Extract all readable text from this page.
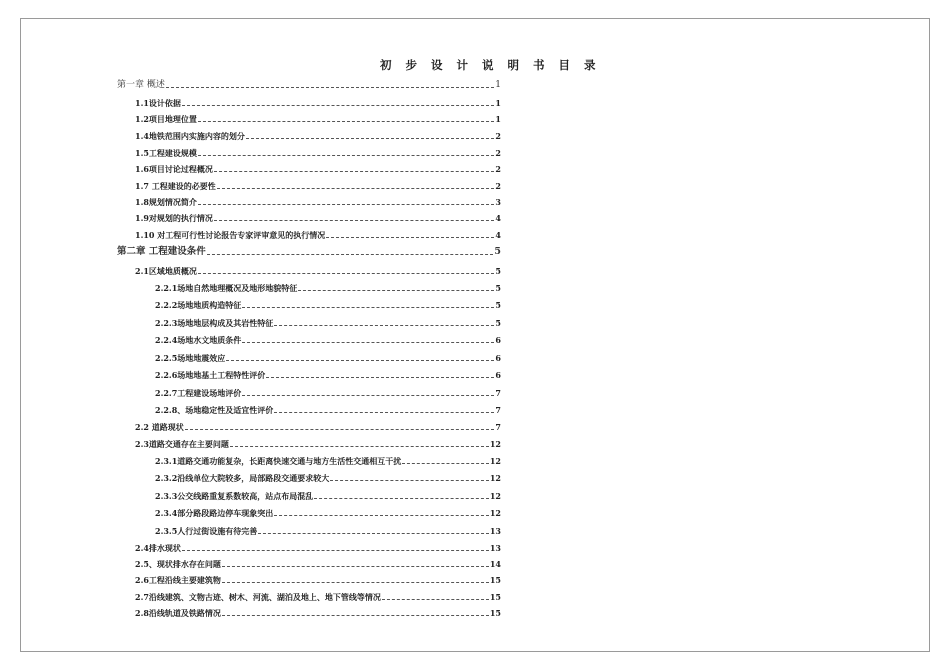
初 步 设 计 说 明 书 目 录
第一章 概述	1
1.1设计依据	1
1.2项目地理位置	1
1.4地铁范围内实施内容的划分	2
1.5工程建设规模	2
1.6项目讨论过程概况	2
1.7 工程建设的必要性	2
1.8规划情况简介	3
1.9对规划的执行情况	4
1.10 对工程可行性讨论报告专家评审意见的执行情况	4
第二章 工程建设条件	5
2.1区域地质概况	5
2.2.1场地自然地理概况及地形地貌特征	5
2.2.2场地地质构造特征	5
2.2.3场地地层构成及其岩性特征	5
2.2.4场地水文地质条件	6
2.2.5场地地震效应	6
2.2.6场地地基土工程特性评价	6
2.2.7工程建设场地评价	7
2.2.8、场地稳定性及适宜性评价	7
2.2 道路现状	7
2.3道路交通存在主要问题	12
2.3.1道路交通功能复杂，长距离快速交通与地方生活性交通相互干扰	12
2.3.2沿线单位大院较多，局部路段交通要求较大	12
2.3.3公交线路重复系数较高，站点布局混乱	12
2.3.4部分路段路边停车现象突出	12
2.3.5人行过街设施有待完善	13
2.4排水现状	13
2.5、现状排水存在问题	14
2.6工程沿线主要建筑物	15
2.7沿线建筑、文物古迹、树木、河流、湖泊及地上、地下管线等情况	15
2.8沿线轨道及铁路情况	15
